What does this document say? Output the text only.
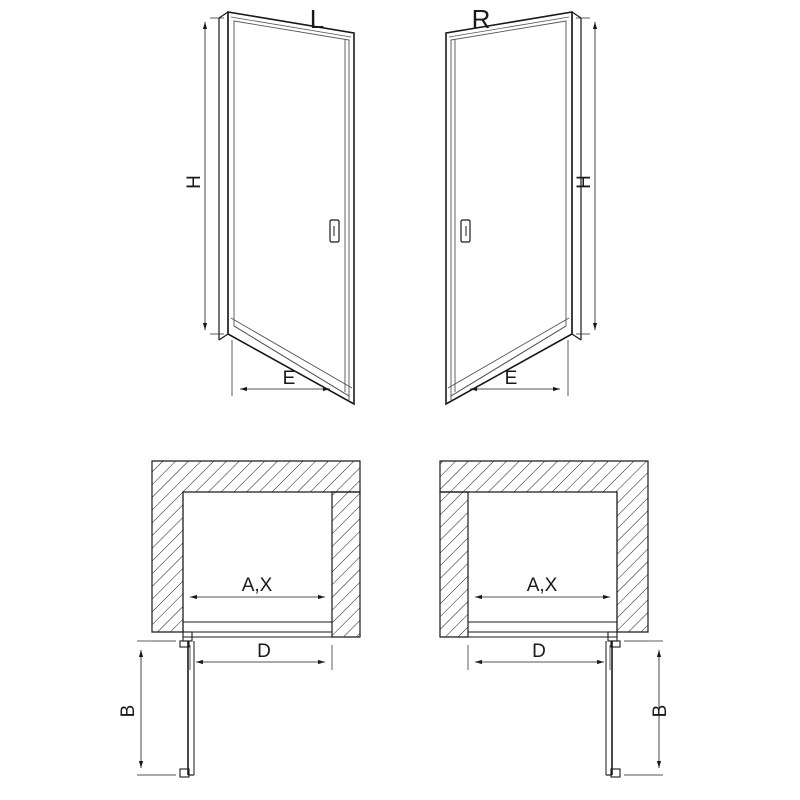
H
E
L
H
E
R
A,X
D
B
A,X
D
B
